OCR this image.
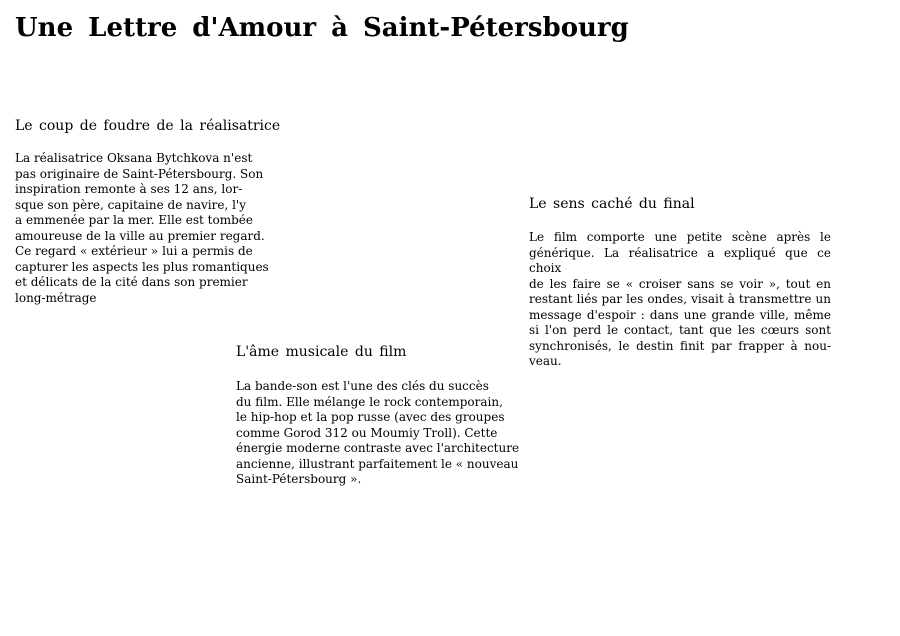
Une Lettre d'Amour à Saint-Pétersbourg
Le coup de foudre de la réalisatrice

La réalisatrice Oksana Bytchkova n'est
pas originaire de Saint-Pétersbourg. Son
inspiration remonte à ses 12 ans, lor-
sque son père, capitaine de navire, l'y
a emmenée par la mer. Elle est tombée
amoureuse de la ville au premier regard.
Ce regard « extérieur » lui a permis de
capturer les aspects les plus romantiques
et délicats de la cité dans son premier
long-métrage

L'âme musicale du film

La bande-son est l'une des clés du succès
du film. Elle mélange le rock contemporain,
le hip-hop et la pop russe (avec des groupes
comme Gorod 312 ou Moumiy Troll). Cette
énergie moderne contraste avec l'architecture
ancienne, illustrant parfaitement le « nouveau
Saint-Pétersbourg ».

Le sens caché du final

Le film comporte une petite scène après le
générique. La réalisatrice a expliqué que ce choix
de les faire se « croiser sans se voir », tout en
restant liés par les ondes, visait à transmettre un
message d'espoir : dans une grande ville, même
si l'on perd le contact, tant que les cœurs sont
synchronisés, le destin finit par frapper à nou-
veau.
